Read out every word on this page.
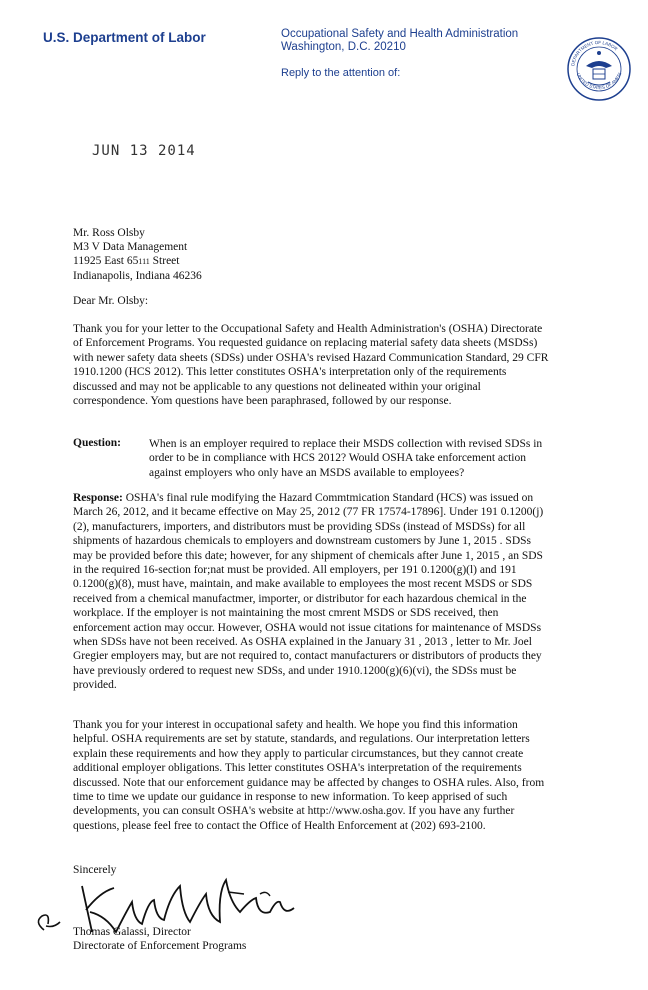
U.S. Department of Labor	Occupational Safety and Health Administration
Washington, D.C. 20210
Reply to the attention of:
DEPARTMENT OF LABOR
UNITED STATES OF AMERI
JUN 13 2014
Mr. Ross Olsby
M3 V Data Management
11925 East 65111 Street
Indianapolis, Indiana 46236
Dear Mr. Olsby:
Thank you for your letter to the Occupational Safety and Health Administration's (OSHA) Directorate of Enforcement Programs. You requested guidance on replacing material safety data sheets (MSDSs) with newer safety data sheets (SDSs) under OSHA's revised Hazard Communication Standard, 29 CFR 1910.1200 (HCS 2012). This letter constitutes OSHA's interpretation only of the requirements discussed and may not be applicable to any questions not delineated within your original correspondence. Yom questions have been paraphrased, followed by our response.
Question: When is an employer required to replace their MSDS collection with revised SDSs in order to be in compliance with HCS 2012? Would OSHA take enforcement action against employers who only have an MSDS available to employees?
Response: OSHA's final rule modifying the Hazard Commtmication Standard (HCS) was issued on March 26, 2012, and it became effective on May 25, 2012 (77 FR 17574-17896]. Under 191 0.1200(j)(2), manufacturers, importers, and distributors must be providing SDSs (instead of MSDSs) for all shipments of hazardous chemicals to employers and downstream customers by June 1, 2015 . SDSs may be provided before this date; however, for any shipment of chemicals after June 1, 2015 , an SDS in the required 16-section for;nat must be provided. All employers, per 191 0.1200(g)(l) and 191 0.1200(g)(8), must have, maintain, and make available to employees the most recent MSDS or SDS received from a chemical manufactmer, importer, or distributor for each hazardous chemical in the workplace. If the employer is not maintaining the most cmrent MSDS or SDS received, then enforcement action may occur. However, OSHA would not issue citations for maintenance of MSDSs when SDSs have not been received. As OSHA explained in the January 31 , 2013 , letter to Mr. Joel Gregier employers may, but are not required to, contact manufacturers or distributors of products they have previously ordered to request new SDSs, and under 1910.1200(g)(6)(vi), the SDSs must be provided.
Thank you for your interest in occupational safety and health. We hope you find this information helpful. OSHA requirements are set by statute, standards, and regulations. Our interpretation letters explain these requirements and how they apply to particular circumstances, but they cannot create additional employer obligations. This letter constitutes OSHA's interpretation of the requirements discussed. Note that our enforcement guidance may be affected by changes to OSHA rules. Also, from time to time we update our guidance in response to new information. To keep apprised of such developments, you can consult OSHA's website at http://www.osha.gov. If you have any further questions, please feel free to contact the Office of Health Enforcement at (202) 693-2100.
Sincerely
Thomas Galassi, Director
Directorate of Enforcement Programs
